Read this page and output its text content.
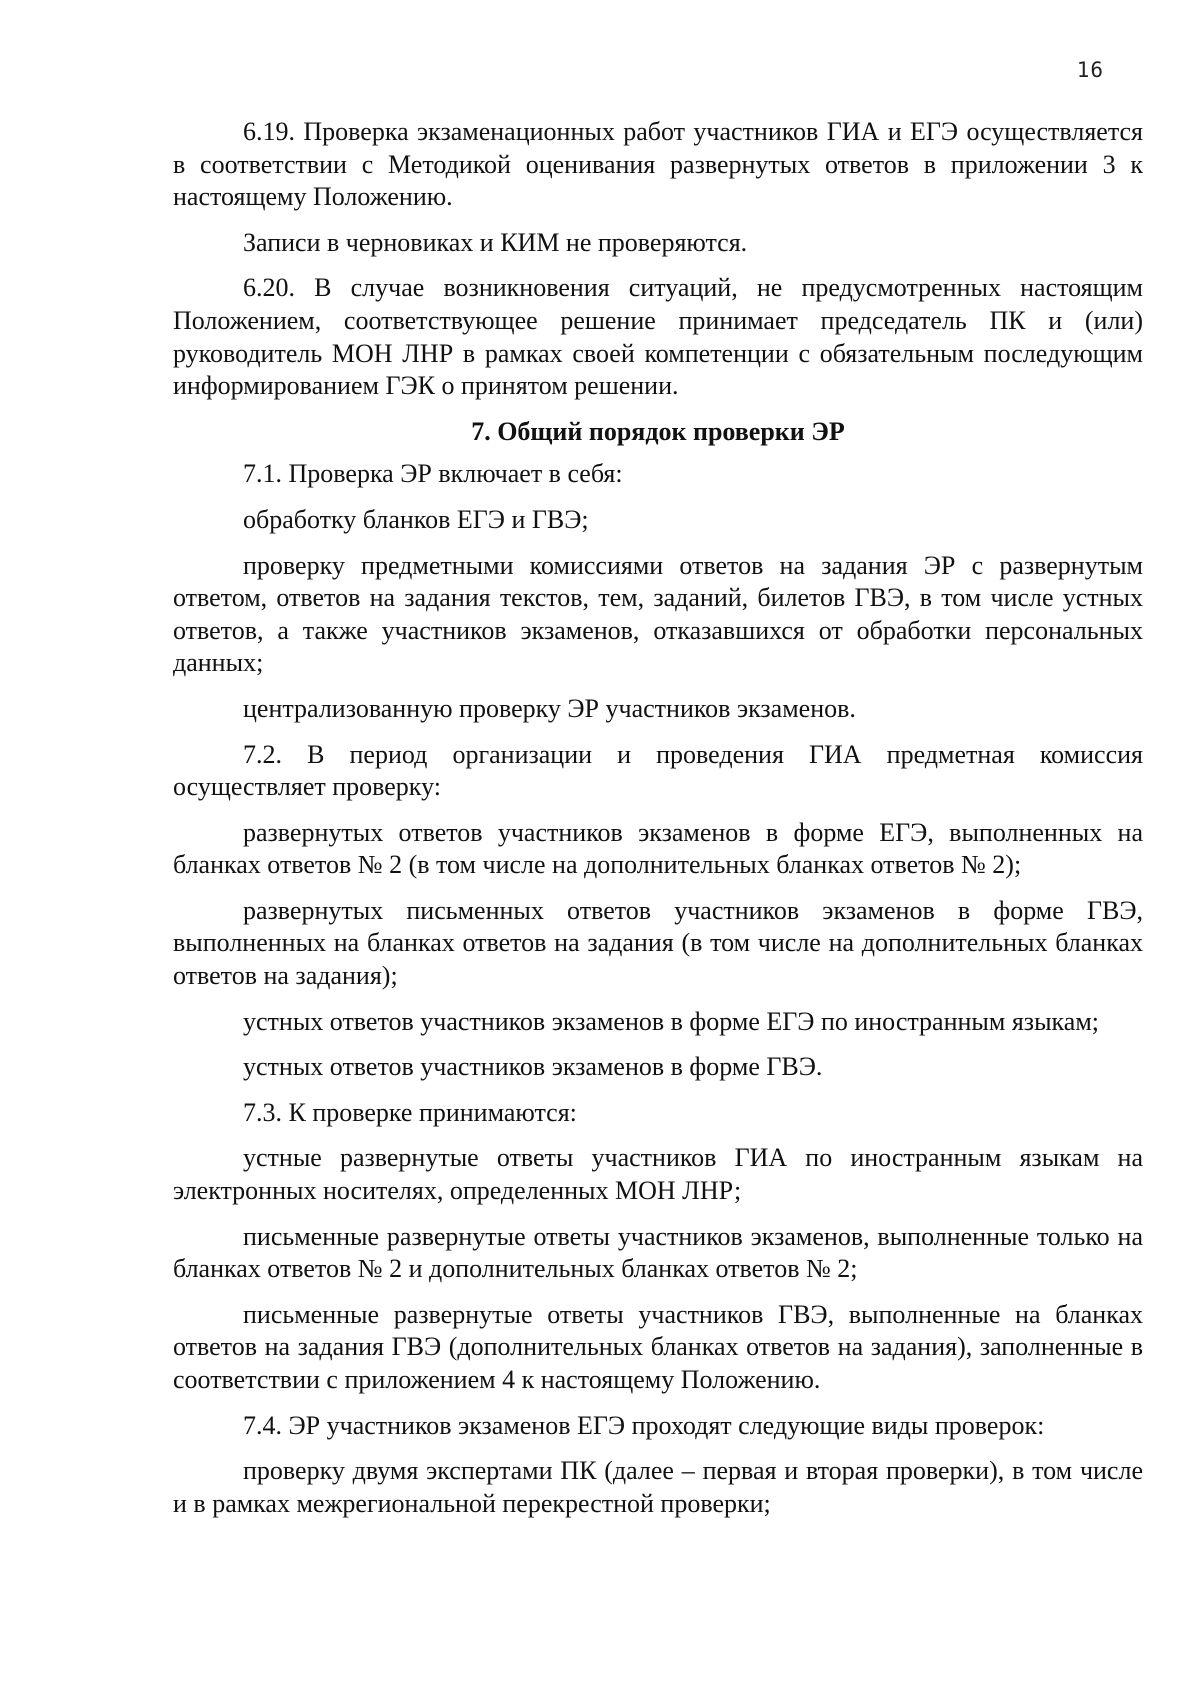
16

6.19. Проверка экзаменационных работ участников ГИА и ЕГЭ осуществляется в соответствии с Методикой оценивания развернутых ответов в приложении 3 к настоящему Положению.

Записи в черновиках и КИМ не проверяются.

6.20. В случае возникновения ситуаций, не предусмотренных настоящим Положением, соответствующее решение принимает председатель ПК и (или) руководитель МОН ЛНР в рамках своей компетенции с обязательным последующим информированием ГЭК о принятом решении.

7. Общий порядок проверки ЭР

7.1. Проверка ЭР включает в себя:

обработку бланков ЕГЭ и ГВЭ;

проверку предметными комиссиями ответов на задания ЭР с развернутым ответом, ответов на задания текстов, тем, заданий, билетов ГВЭ, в том числе устных ответов, а также участников экзаменов, отказавшихся от обработки персональных данных;

централизованную проверку ЭР участников экзаменов.

7.2. В период организации и проведения ГИА предметная комиссия осуществляет проверку:

развернутых ответов участников экзаменов в форме ЕГЭ, выполненных на бланках ответов № 2 (в том числе на дополнительных бланках ответов № 2);

развернутых письменных ответов участников экзаменов в форме ГВЭ, выполненных на бланках ответов на задания (в том числе на дополнительных бланках ответов на задания);

устных ответов участников экзаменов в форме ЕГЭ по иностранным языкам;

устных ответов участников экзаменов в форме ГВЭ.

7.3. К проверке принимаются:

устные развернутые ответы участников ГИА по иностранным языкам на электронных носителях, определенных МОН ЛНР;

письменные развернутые ответы участников экзаменов, выполненные только на бланках ответов № 2 и дополнительных бланках ответов № 2;

письменные развернутые ответы участников ГВЭ, выполненные на бланках ответов на задания ГВЭ (дополнительных бланках ответов на задания), заполненные в соответствии с приложением 4 к настоящему Положению.

7.4. ЭР участников экзаменов ЕГЭ проходят следующие виды проверок:

проверку двумя экспертами ПК (далее – первая и вторая проверки), в том числе и в рамках межрегиональной перекрестной проверки;
